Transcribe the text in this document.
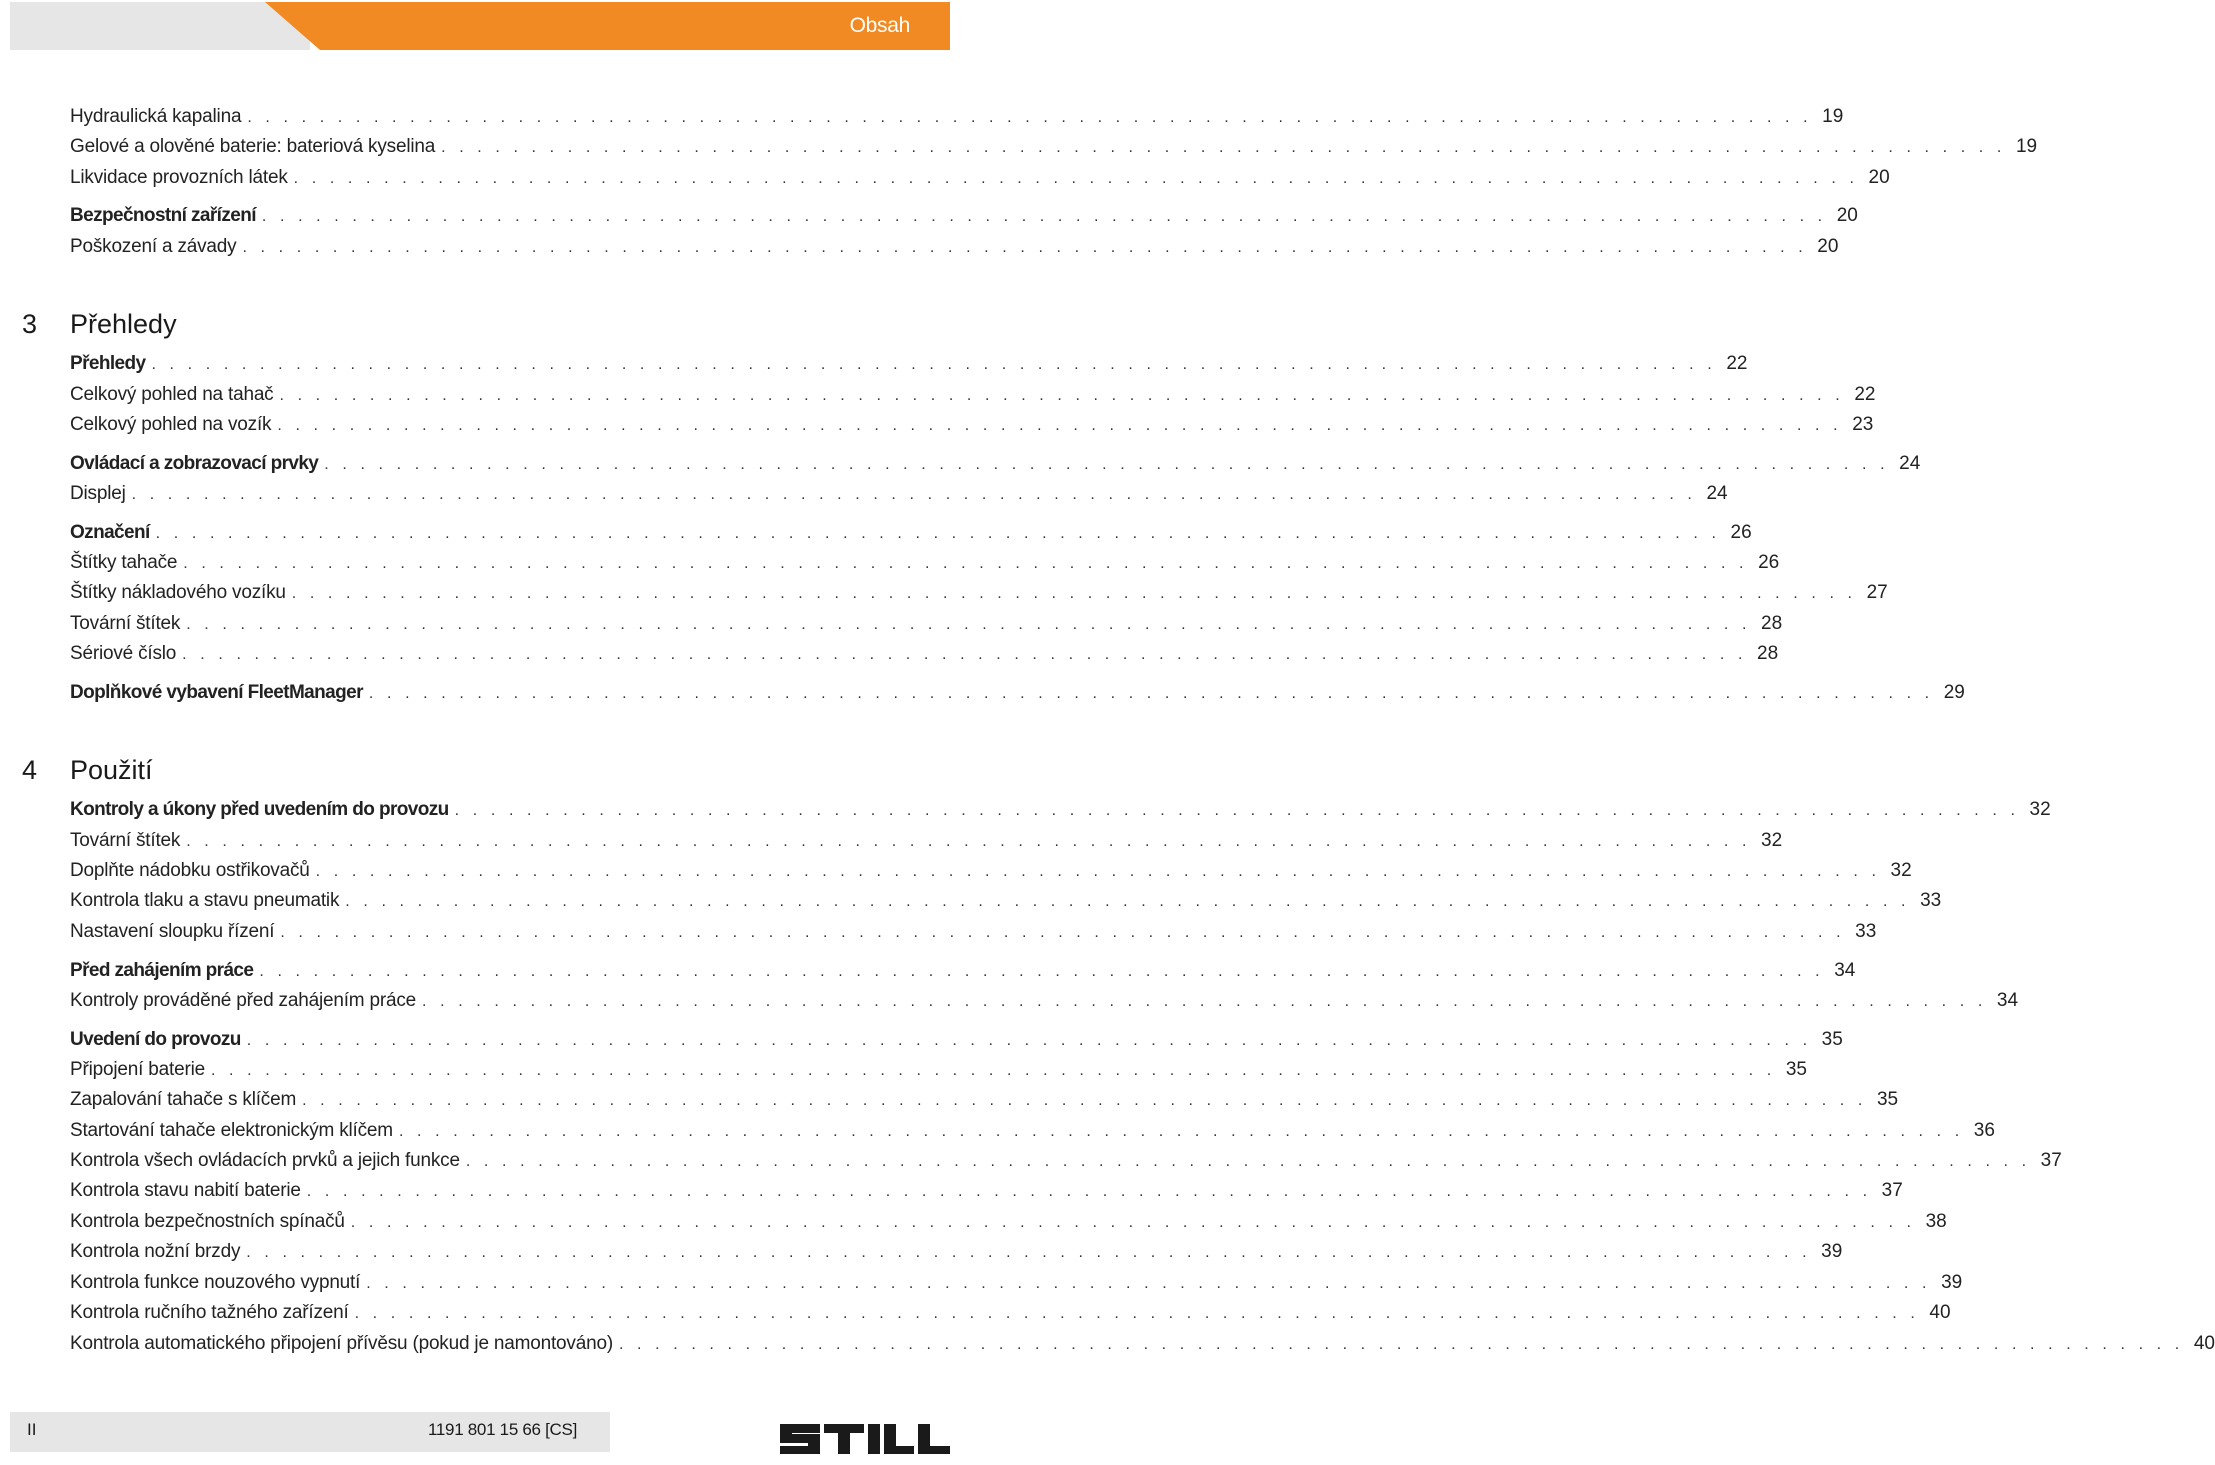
Obsah
Hydraulická kapalina . . . . . . . . . . . . . . . . . . . . . . . . . . . . . . . . . . . . . . . . . . . . . . . . . . . . . . . . . . . . . . . . . . . . . . . . . . . . . . . . . . . . . . . 19
Gelové a olověné baterie: bateriová kyselina . . . . . . . . . . . . . . . . . . . . . . . . . . . . . . . . . . . . . . . . . . . . . . . . . . . . . . . . . . . . . . . . . . . . . . . . . . . . . . . . . . . . . . . 19
Likvidace provozních látek . . . . . . . . . . . . . . . . . . . . . . . . . . . . . . . . . . . . . . . . . . . . . . . . . . . . . . . . . . . . . . . . . . . . . . . . . . . . . . . . . . . . . . . 20
Bezpečnostní zařízení . . . . . . . . . . . . . . . . . . . . . . . . . . . . . . . . . . . . . . . . . . . . . . . . . . . . . . . . . . . . . . . . . . . . . . . . . . . . . . . . . . . . . . . 20
Poškození a závady . . . . . . . . . . . . . . . . . . . . . . . . . . . . . . . . . . . . . . . . . . . . . . . . . . . . . . . . . . . . . . . . . . . . . . . . . . . . . . . . . . . . . . . 20
3	Přehledy
Přehledy . . . . . . . . . . . . . . . . . . . . . . . . . . . . . . . . . . . . . . . . . . . . . . . . . . . . . . . . . . . . . . . . . . . . . . . . . . . . . . . . . . . . . . . 22
Celkový pohled na tahač . . . . . . . . . . . . . . . . . . . . . . . . . . . . . . . . . . . . . . . . . . . . . . . . . . . . . . . . . . . . . . . . . . . . . . . . . . . . . . . . . . . . . . . 22
Celkový pohled na vozík . . . . . . . . . . . . . . . . . . . . . . . . . . . . . . . . . . . . . . . . . . . . . . . . . . . . . . . . . . . . . . . . . . . . . . . . . . . . . . . . . . . . . . . 23
Ovládací a zobrazovací prvky . . . . . . . . . . . . . . . . . . . . . . . . . . . . . . . . . . . . . . . . . . . . . . . . . . . . . . . . . . . . . . . . . . . . . . . . . . . . . . . . . . . . . . . 24
Displej . . . . . . . . . . . . . . . . . . . . . . . . . . . . . . . . . . . . . . . . . . . . . . . . . . . . . . . . . . . . . . . . . . . . . . . . . . . . . . . . . . . . . . . 24
Označení . . . . . . . . . . . . . . . . . . . . . . . . . . . . . . . . . . . . . . . . . . . . . . . . . . . . . . . . . . . . . . . . . . . . . . . . . . . . . . . . . . . . . . . 26
Štítky tahače . . . . . . . . . . . . . . . . . . . . . . . . . . . . . . . . . . . . . . . . . . . . . . . . . . . . . . . . . . . . . . . . . . . . . . . . . . . . . . . . . . . . . . . 26
Štítky nákladového vozíku . . . . . . . . . . . . . . . . . . . . . . . . . . . . . . . . . . . . . . . . . . . . . . . . . . . . . . . . . . . . . . . . . . . . . . . . . . . . . . . . . . . . . . . 27
Tovární štítek . . . . . . . . . . . . . . . . . . . . . . . . . . . . . . . . . . . . . . . . . . . . . . . . . . . . . . . . . . . . . . . . . . . . . . . . . . . . . . . . . . . . . . . 28
Sériové číslo . . . . . . . . . . . . . . . . . . . . . . . . . . . . . . . . . . . . . . . . . . . . . . . . . . . . . . . . . . . . . . . . . . . . . . . . . . . . . . . . . . . . . . . 28
Doplňkové vybavení FleetManager . . . . . . . . . . . . . . . . . . . . . . . . . . . . . . . . . . . . . . . . . . . . . . . . . . . . . . . . . . . . . . . . . . . . . . . . . . . . . . . . . . . . . . . 29
4	Použití
Kontroly a úkony před uvedením do provozu . . . . . . . . . . . . . . . . . . . . . . . . . . . . . . . . . . . . . . . . . . . . . . . . . . . . . . . . . . . . . . . . . . . . . . . . . . . . . . . . . . . . . . . 32
Tovární štítek . . . . . . . . . . . . . . . . . . . . . . . . . . . . . . . . . . . . . . . . . . . . . . . . . . . . . . . . . . . . . . . . . . . . . . . . . . . . . . . . . . . . . . . 32
Doplňte nádobku ostřikovačů . . . . . . . . . . . . . . . . . . . . . . . . . . . . . . . . . . . . . . . . . . . . . . . . . . . . . . . . . . . . . . . . . . . . . . . . . . . . . . . . . . . . . . . 32
Kontrola tlaku a stavu pneumatik . . . . . . . . . . . . . . . . . . . . . . . . . . . . . . . . . . . . . . . . . . . . . . . . . . . . . . . . . . . . . . . . . . . . . . . . . . . . . . . . . . . . . . . 33
Nastavení sloupku řízení . . . . . . . . . . . . . . . . . . . . . . . . . . . . . . . . . . . . . . . . . . . . . . . . . . . . . . . . . . . . . . . . . . . . . . . . . . . . . . . . . . . . . . . 33
Před zahájením práce . . . . . . . . . . . . . . . . . . . . . . . . . . . . . . . . . . . . . . . . . . . . . . . . . . . . . . . . . . . . . . . . . . . . . . . . . . . . . . . . . . . . . . . 34
Kontroly prováděné před zahájením práce . . . . . . . . . . . . . . . . . . . . . . . . . . . . . . . . . . . . . . . . . . . . . . . . . . . . . . . . . . . . . . . . . . . . . . . . . . . . . . . . . . . . . . . 34
Uvedení do provozu . . . . . . . . . . . . . . . . . . . . . . . . . . . . . . . . . . . . . . . . . . . . . . . . . . . . . . . . . . . . . . . . . . . . . . . . . . . . . . . . . . . . . . . 35
Připojení baterie . . . . . . . . . . . . . . . . . . . . . . . . . . . . . . . . . . . . . . . . . . . . . . . . . . . . . . . . . . . . . . . . . . . . . . . . . . . . . . . . . . . . . . . 35
Zapalování tahače s klíčem . . . . . . . . . . . . . . . . . . . . . . . . . . . . . . . . . . . . . . . . . . . . . . . . . . . . . . . . . . . . . . . . . . . . . . . . . . . . . . . . . . . . . . . 35
Startování tahače elektronickým klíčem . . . . . . . . . . . . . . . . . . . . . . . . . . . . . . . . . . . . . . . . . . . . . . . . . . . . . . . . . . . . . . . . . . . . . . . . . . . . . . . . . . . . . . . 36
Kontrola všech ovládacích prvků a jejich funkce . . . . . . . . . . . . . . . . . . . . . . . . . . . . . . . . . . . . . . . . . . . . . . . . . . . . . . . . . . . . . . . . . . . . . . . . . . . . . . . . . . . . . . . 37
Kontrola stavu nabití baterie . . . . . . . . . . . . . . . . . . . . . . . . . . . . . . . . . . . . . . . . . . . . . . . . . . . . . . . . . . . . . . . . . . . . . . . . . . . . . . . . . . . . . . . 37
Kontrola bezpečnostních spínačů . . . . . . . . . . . . . . . . . . . . . . . . . . . . . . . . . . . . . . . . . . . . . . . . . . . . . . . . . . . . . . . . . . . . . . . . . . . . . . . . . . . . . . . 38
Kontrola nožní brzdy . . . . . . . . . . . . . . . . . . . . . . . . . . . . . . . . . . . . . . . . . . . . . . . . . . . . . . . . . . . . . . . . . . . . . . . . . . . . . . . . . . . . . . . 39
Kontrola funkce nouzového vypnutí . . . . . . . . . . . . . . . . . . . . . . . . . . . . . . . . . . . . . . . . . . . . . . . . . . . . . . . . . . . . . . . . . . . . . . . . . . . . . . . . . . . . . . . 39
Kontrola ručního tažného zařízení . . . . . . . . . . . . . . . . . . . . . . . . . . . . . . . . . . . . . . . . . . . . . . . . . . . . . . . . . . . . . . . . . . . . . . . . . . . . . . . . . . . . . . . 40
Kontrola automatického připojení přívěsu (pokud je namontováno) . . . . . . . . . . . . . . . . . . . . . . . . . . . . . . . . . . . . . . . . . . . . . . . . . . . . . . . . . . . . . . . . . . . . . . . . . . . . . . . . . . . . . . . 40
II	1191 801 15 66 [CS]
